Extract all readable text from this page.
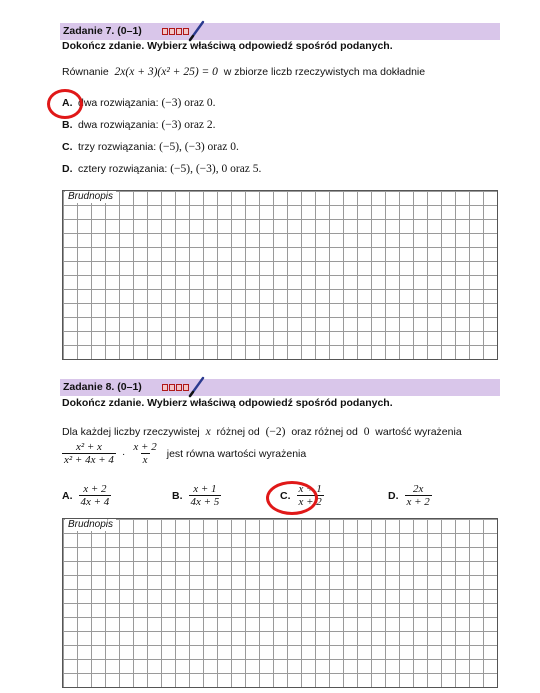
Zadanie 7. (0–1)
Dokończ zdanie. Wybierz właściwą odpowiedź spośród podanych.
Równanie 2x(x + 3)(x² + 25) = 0 w zbiorze liczb rzeczywistych ma dokładnie
A. dwa rozwiązania: (−3) oraz 0.
B. dwa rozwiązania: (−3) oraz 2.
C. trzy rozwiązania: (−5), (−3) oraz 0.
D. cztery rozwiązania: (−5), (−3), 0 oraz 5.
Brudnopis
Zadanie 8. (0–1)
Dokończ zdanie. Wybierz właściwą odpowiedź spośród podanych.
Dla każdej liczby rzeczywistej x różnej od (−2) oraz różnej od 0 wartość wyrażenia
$\frac{\text{x² + x}}{\text{x² + 4x + 4}} \cdot \frac{x + 2}{x}$ jest równa wartości wyrażenia
A. $\frac{x + 2}{4x + 4}$	B. $\frac{x + 1}{4x + 5}$	C. $\frac{x + 1}{x + 2}$	D. $\frac{2x}{x + 2}$
Brudnopis
